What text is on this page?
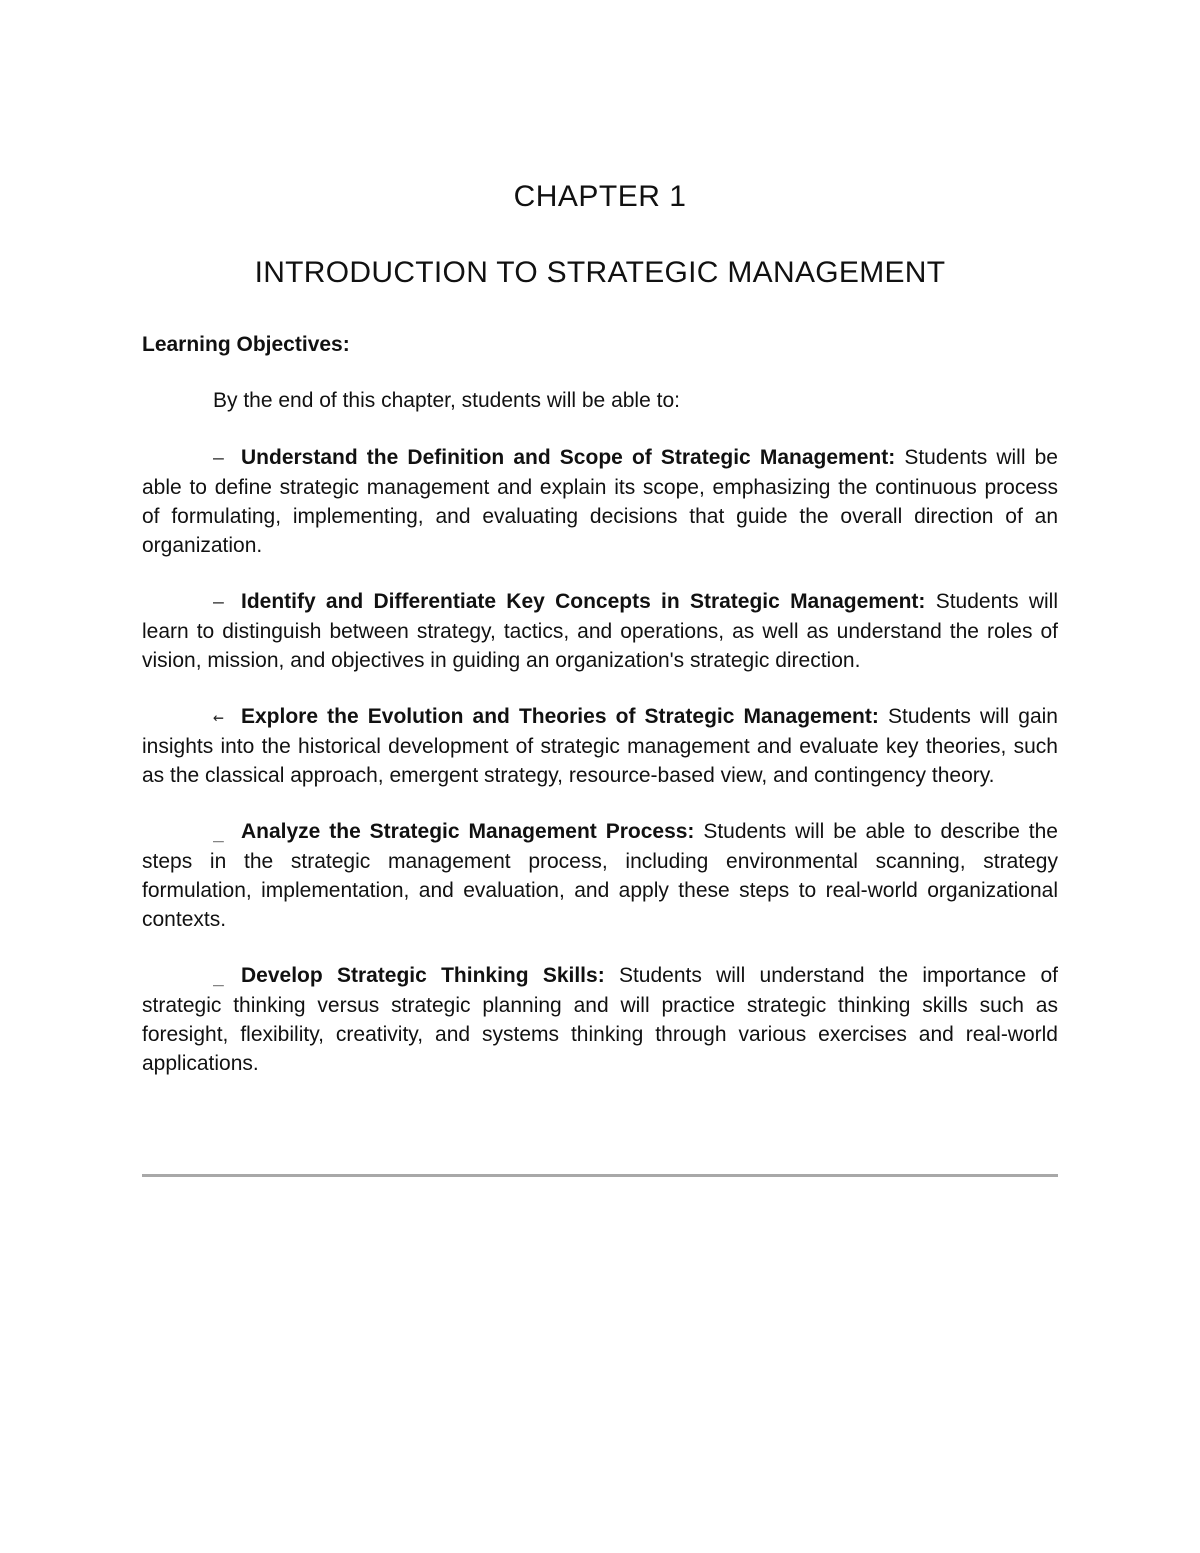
CHAPTER 1
INTRODUCTION TO STRATEGIC MANAGEMENT

Learning Objectives:

By the end of this chapter, students will be able to:

– Understand the Definition and Scope of Strategic Management: Students will be able to define strategic management and explain its scope, emphasizing the continuous process of formulating, implementing, and evaluating decisions that guide the overall direction of an organization.
– Identify and Differentiate Key Concepts in Strategic Management: Students will learn to distinguish between strategy, tactics, and operations, as well as understand the roles of vision, mission, and objectives in guiding an organization's strategic direction.
← Explore the Evolution and Theories of Strategic Management: Students will gain insights into the historical development of strategic management and evaluate key theories, such as the classical approach, emergent strategy, resource-based view, and contingency theory.
_ Analyze the Strategic Management Process: Students will be able to describe the steps in the strategic management process, including environmental scanning, strategy formulation, implementation, and evaluation, and apply these steps to real-world organizational contexts.
_ Develop Strategic Thinking Skills: Students will understand the importance of strategic thinking versus strategic planning and will practice strategic thinking skills such as foresight, flexibility, creativity, and systems thinking through various exercises and real-world applications.
